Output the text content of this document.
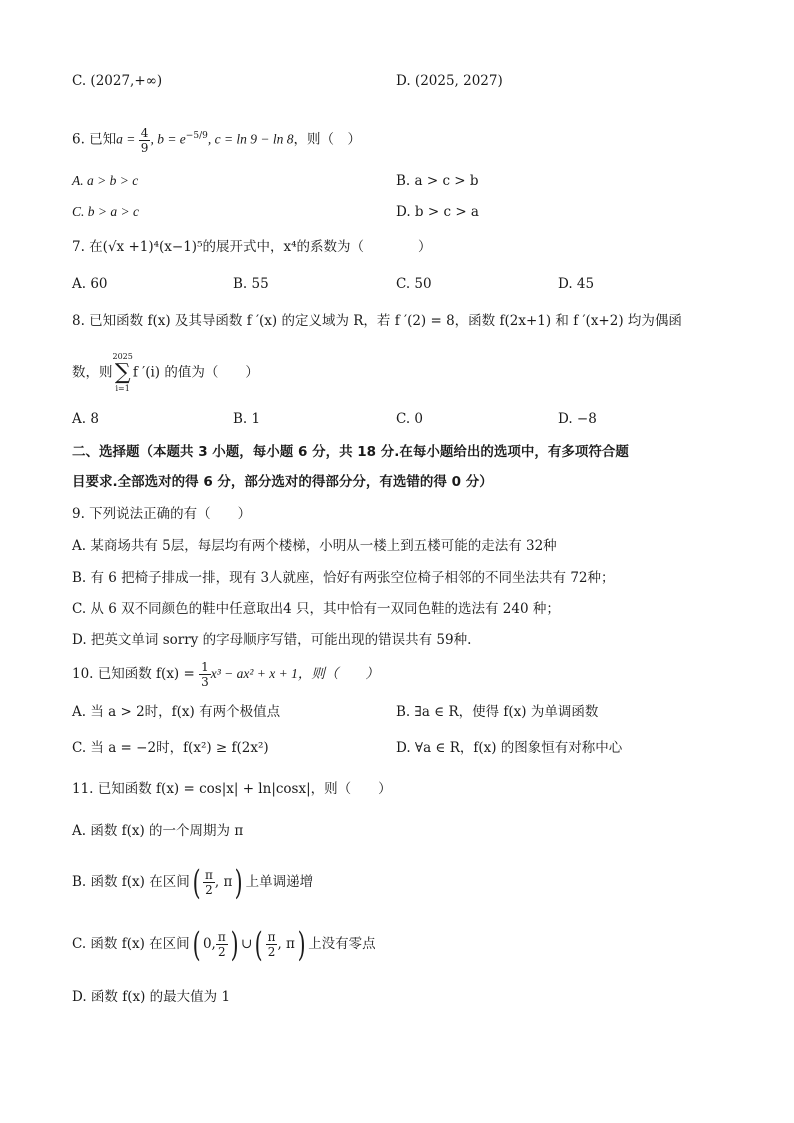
C. (2027,+∞)	D. (2025, 2027)
6. 已知$a = \frac{4}{9}$ , $b = e^{-5/9}$, c = ln 9 − ln 8，则（　）
A. a > b > c	B. a > c > b
C. b > a > c	D. b > c > a
7. 在(√x +1)⁴(x−1)⁵的展开式中，x⁴的系数为（　　　　）
A. 60	B. 55	C. 50	D. 45
8. 已知函数 f(x) 及其导函数 f ′(x) 的定义域为 R，若 f ′(2) = 8，函数 f(2x+1) 和 f ′(x+2) 均为偶函
数，则2025
∑
i=1f ′(i) 的值为（　　）
A. 8	B. 1	C. 0	D. −8
二、选择题（本题共 3 小题，每小题 6 分，共 18 分.在每小题给出的选项中，有多项符合题
目要求.全部选对的得 6 分，部分选对的得部分分，有选错的得 0 分）
9. 下列说法正确的有（　　）
A. 某商场共有 5层，每层均有两个楼梯，小明从一楼上到五楼可能的走法有 32种
B. 有 6 把椅子排成一排，现有 3人就座，恰好有两张空位椅子相邻的不同坐法共有 72种；
C. 从 6 双不同颜色的鞋中任意取出4 只，其中恰有一双同色鞋的选法有 240 种；
D. 把英文单词 sorry 的字母顺序写错，可能出现的错误共有 59种.
10. 已知函数 $f(x) = \frac{1}{3} x^3 - ax^2 + x + 1$，则（　　）
A. 当 a > 2时，f(x) 有两个极值点	B. ∃a ∈ R，使得 f(x) 为单调函数
C. 当 a = −2时，f(x²) ≥ f(2x²)	D. ∀a ∈ R，f(x) 的图象恒有对称中心
11. 已知函数 f(x) = cos|x| + ln|cosx|，则（　　）
A. 函数 f(x) 的一个周期为 π
B. 函数 f(x) 在区间( $\frac{\pi}{2}$ , π) 上单调递增
C. 函数 f(x) 在区间( 0, $\frac{\pi}{2}$ ) ∪( $\frac{\pi}{2}$ , π) 上没有零点
D. 函数 f(x) 的最大值为 1
